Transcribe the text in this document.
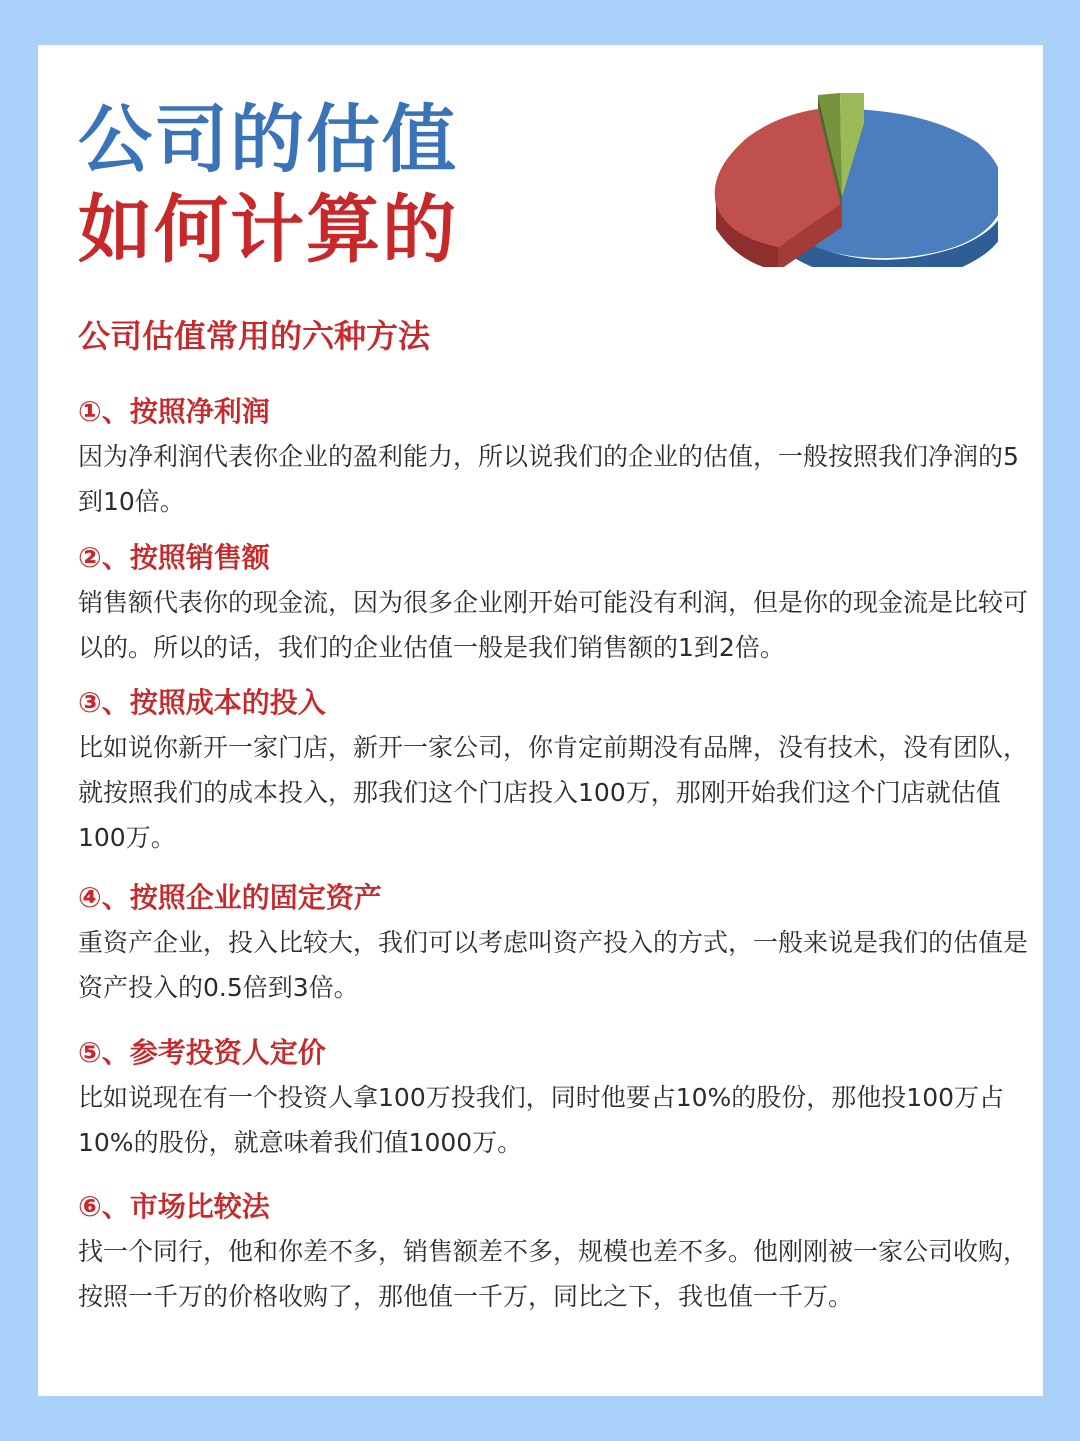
公司的估值
如何计算的
公司估值常用的六种方法
①、按照净利润

因为净利润代表你企业的盈利能力，所以说我们的企业的估值，一般按照我们净润的5到10倍。

②、按照销售额

销售额代表你的现金流，因为很多企业刚开始可能没有利润，但是你的现金流是比较可以的。所以的话，我们的企业估值一般是我们销售额的1到2倍。

③、按照成本的投入

比如说你新开一家门店，新开一家公司，你肯定前期没有品牌，没有技术，没有团队，就按照我们的成本投入，那我们这个门店投入100万，那刚开始我们这个门店就估值100万。

④、按照企业的固定资产

重资产企业，投入比较大，我们可以考虑叫资产投入的方式，一般来说是我们的估值是资产投入的0.5倍到3倍。

⑤、参考投资人定价

比如说现在有一个投资人拿100万投我们，同时他要占10%的股份，那他投100万占10%的股份，就意味着我们值1000万。

⑥、市场比较法

找一个同行，他和你差不多，销售额差不多，规模也差不多。他刚刚被一家公司收购，按照一千万的价格收购了，那他值一千万，同比之下，我也值一千万。
